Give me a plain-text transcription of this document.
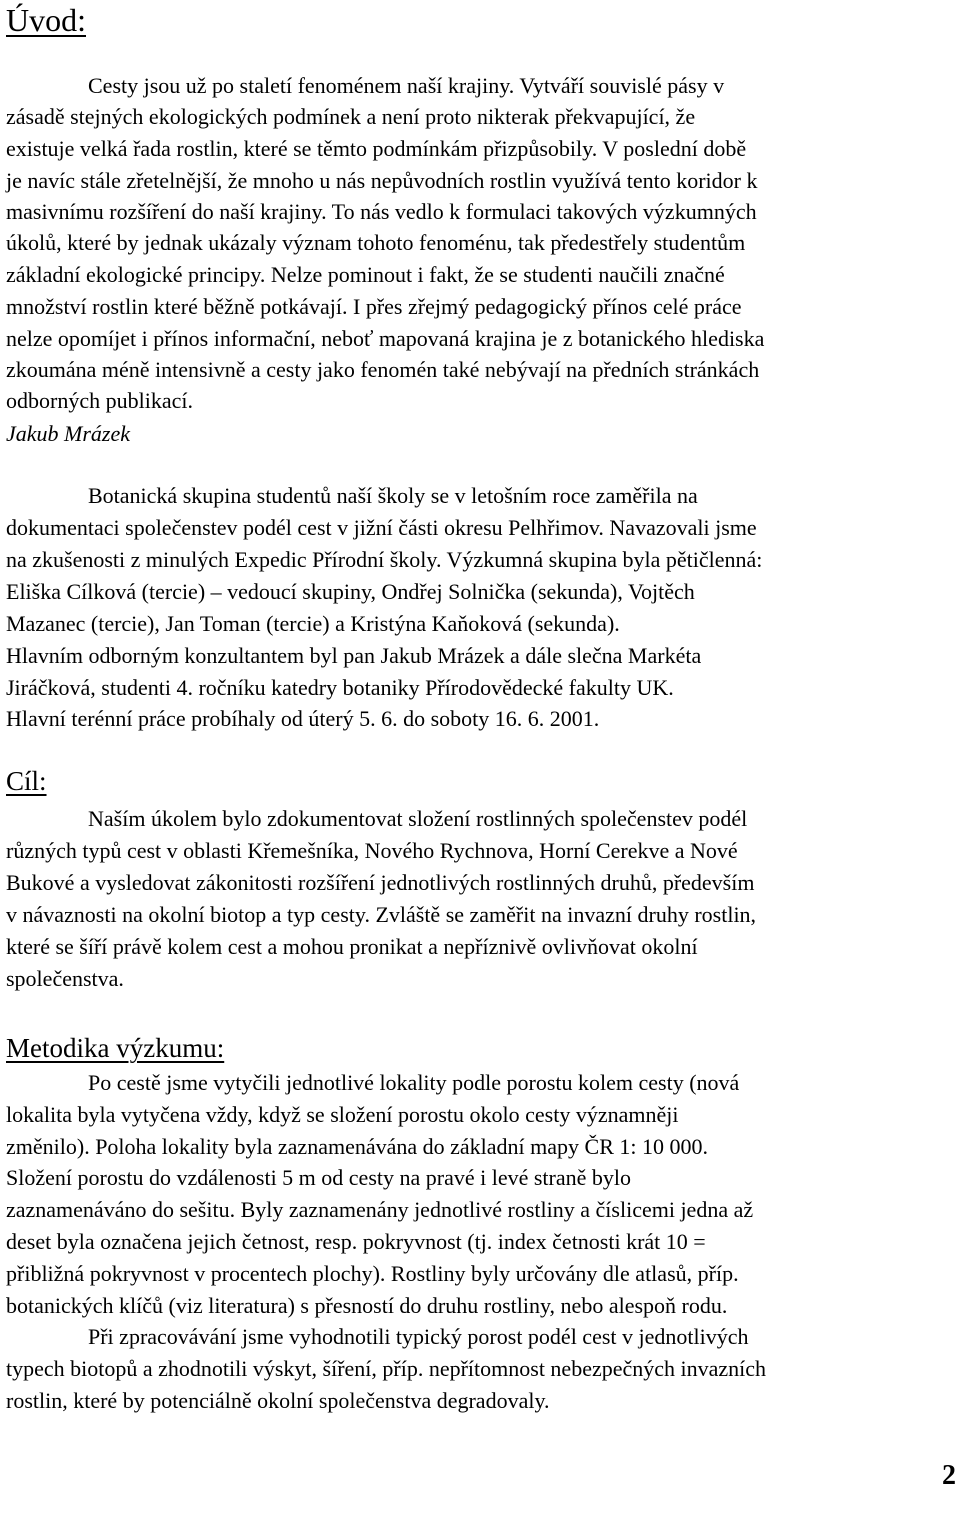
Úvod:

Cesty jsou už po staletí fenoménem naší krajiny. Vytváří souvislé pásy v

zásadě stejných ekologických podmínek a není proto nikterak překvapující, že

existuje velká řada rostlin, které se těmto podmínkám přizpůsobily. V poslední době

je navíc stále zřetelnější, že mnoho u nás nepůvodních rostlin využívá tento koridor k

masivnímu rozšíření do naší krajiny. To nás vedlo k formulaci takových výzkumných

úkolů, které by jednak ukázaly význam tohoto fenoménu, tak předestřely studentům

základní ekologické principy. Nelze pominout i fakt, že se studenti naučili značné

množství rostlin které běžně potkávají. I přes zřejmý pedagogický přínos celé práce

nelze opomíjet i přínos informační, neboť mapovaná krajina je z botanického hlediska

zkoumána méně intensivně a cesty jako fenomén také nebývají na předních stránkách

odborných publikací.

Jakub Mrázek

Botanická skupina studentů naší školy se v letošním roce zaměřila na

dokumentaci společenstev podél cest v jižní části okresu Pelhřimov. Navazovali jsme

na zkušenosti z minulých Expedic Přírodní školy. Výzkumná skupina byla pětičlenná:

Eliška Cílková (tercie) – vedoucí skupiny, Ondřej Solnička (sekunda), Vojtěch

Mazanec (tercie), Jan Toman (tercie) a Kristýna Kaňoková (sekunda).

Hlavním odborným konzultantem byl pan Jakub Mrázek a dále slečna Markéta

Jiráčková, studenti 4. ročníku katedry botaniky Přírodovědecké fakulty UK.

Hlavní terénní práce probíhaly od úterý 5. 6. do soboty 16. 6. 2001.

Cíl:

Naším úkolem bylo zdokumentovat složení rostlinných společenstev podél

různých typů cest v oblasti Křemešníka, Nového Rychnova, Horní Cerekve a Nové

Bukové a vysledovat zákonitosti rozšíření jednotlivých rostlinných druhů, především

v návaznosti na okolní biotop a typ cesty. Zvláště se zaměřit na invazní druhy rostlin,

které se šíří právě kolem cest a mohou pronikat a nepříznivě ovlivňovat okolní

společenstva.

Metodika výzkumu:

Po cestě jsme vytyčili jednotlivé lokality podle porostu kolem cesty (nová

lokalita byla vytyčena vždy, když se složení porostu okolo cesty významněji

změnilo). Poloha lokality byla zaznamenávána do základní mapy ČR 1: 10 000.

Složení porostu do vzdálenosti 5 m od cesty na pravé i levé straně bylo

zaznamenáváno do sešitu. Byly zaznamenány jednotlivé rostliny a číslicemi jedna až

deset byla označena jejich četnost, resp. pokryvnost (tj. index četnosti krát 10 =

přibližná pokryvnost v procentech plochy). Rostliny byly určovány dle atlasů, příp.

botanických klíčů (viz literatura) s přesností do druhu rostliny, nebo alespoň rodu.

Při zpracovávání jsme vyhodnotili typický porost podél cest v jednotlivých

typech biotopů a zhodnotili výskyt, šíření, příp. nepřítomnost nebezpečných invazních

rostlin, které by potenciálně okolní společenstva degradovaly.

2
